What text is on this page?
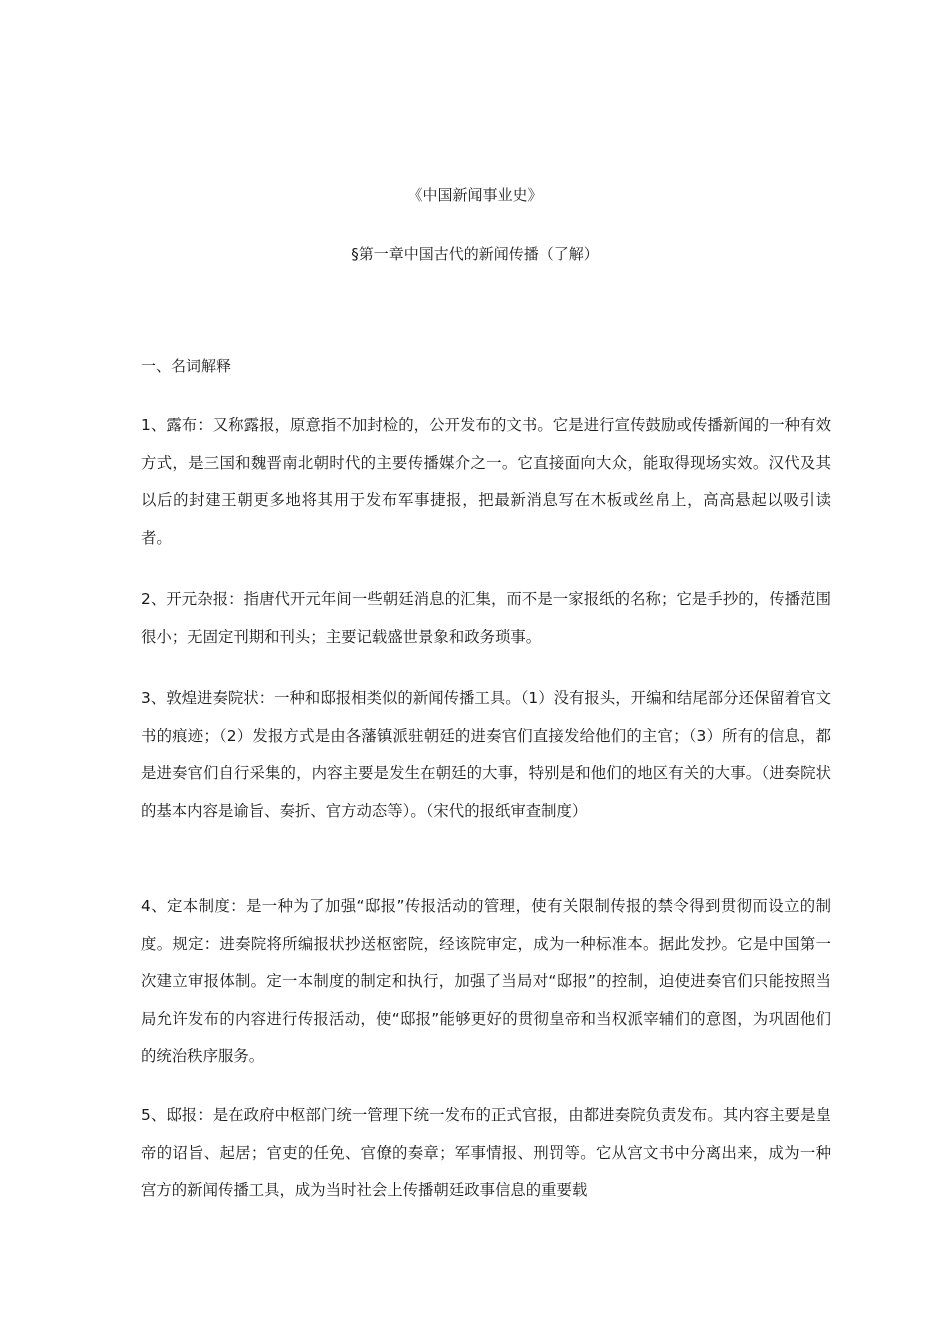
《中国新闻事业史》
§第一章中国古代的新闻传播（了解）
一、名词解释

1、露布：又称露报，原意指不加封检的，公开发布的文书。它是进行宣传鼓励或传播新闻的一种有效方式，是三国和魏晋南北朝时代的主要传播媒介之一。它直接面向大众，能取得现场实效。汉代及其以后的封建王朝更多地将其用于发布军事捷报，把最新消息写在木板或丝帛上，高高悬起以吸引读者。

2、开元杂报：指唐代开元年间一些朝廷消息的汇集，而不是一家报纸的名称；它是手抄的，传播范围很小；无固定刊期和刊头；主要记载盛世景象和政务琐事。

3、敦煌进奏院状：一种和邸报相类似的新闻传播工具。（1）没有报头，开编和结尾部分还保留着官文书的痕迹；（2）发报方式是由各藩镇派驻朝廷的进奏官们直接发给他们的主官；（3）所有的信息，都是进奏官们自行采集的，内容主要是发生在朝廷的大事，特别是和他们的地区有关的大事。（进奏院状的基本内容是谕旨、奏折、官方动态等）。（宋代的报纸审查制度）

4、定本制度：是一种为了加强“邸报”传报活动的管理，使有关限制传报的禁令得到贯彻而设立的制度。规定：进奏院将所编报状抄送枢密院，经该院审定，成为一种标准本。据此发抄。它是中国第一次建立审报体制。定一本制度的制定和执行，加强了当局对“邸报”的控制，迫使进奏官们只能按照当局允许发布的内容进行传报活动，使“邸报”能够更好的贯彻皇帝和当权派宰辅们的意图，为巩固他们的统治秩序服务。

5、邸报：是在政府中枢部门统一管理下统一发布的正式官报，由都进奏院负责发布。其内容主要是皇帝的诏旨、起居；官吏的任免、官僚的奏章；军事情报、刑罚等。它从宫文书中分离出来，成为一种宫方的新闻传播工具，成为当时社会上传播朝廷政事信息的重要载
